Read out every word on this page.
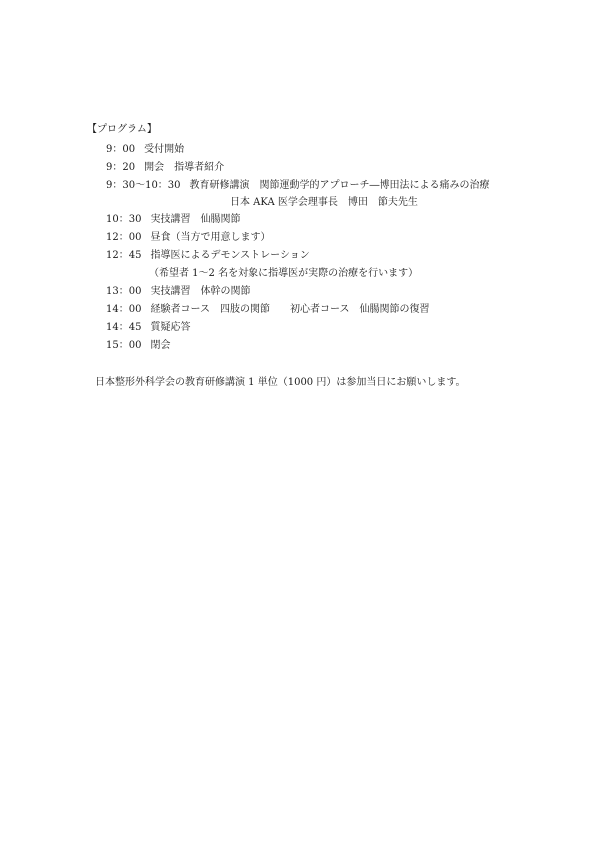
【プログラム】
9：00 受付開始
9：20 開会　指導者紹介
9：30～10：30 教育研修講演　関節運動学的アプローチ―博田法による痛みの治療
日本 AKA 医学会理事長　博田　節夫先生
10：30 実技講習　仙腸関節
12：00 昼食（当方で用意します）
12：45 指導医によるデモンストレーション
（希望者 1～2 名を対象に指導医が実際の治療を行います）
13：00 実技講習　体幹の関節
14：00 経験者コース　四肢の関節　　初心者コース　仙腸関節の復習
14：45 質疑応答
15：00 閉会
日本整形外科学会の教育研修講演 1 単位（1000 円）は参加当日にお願いします。
